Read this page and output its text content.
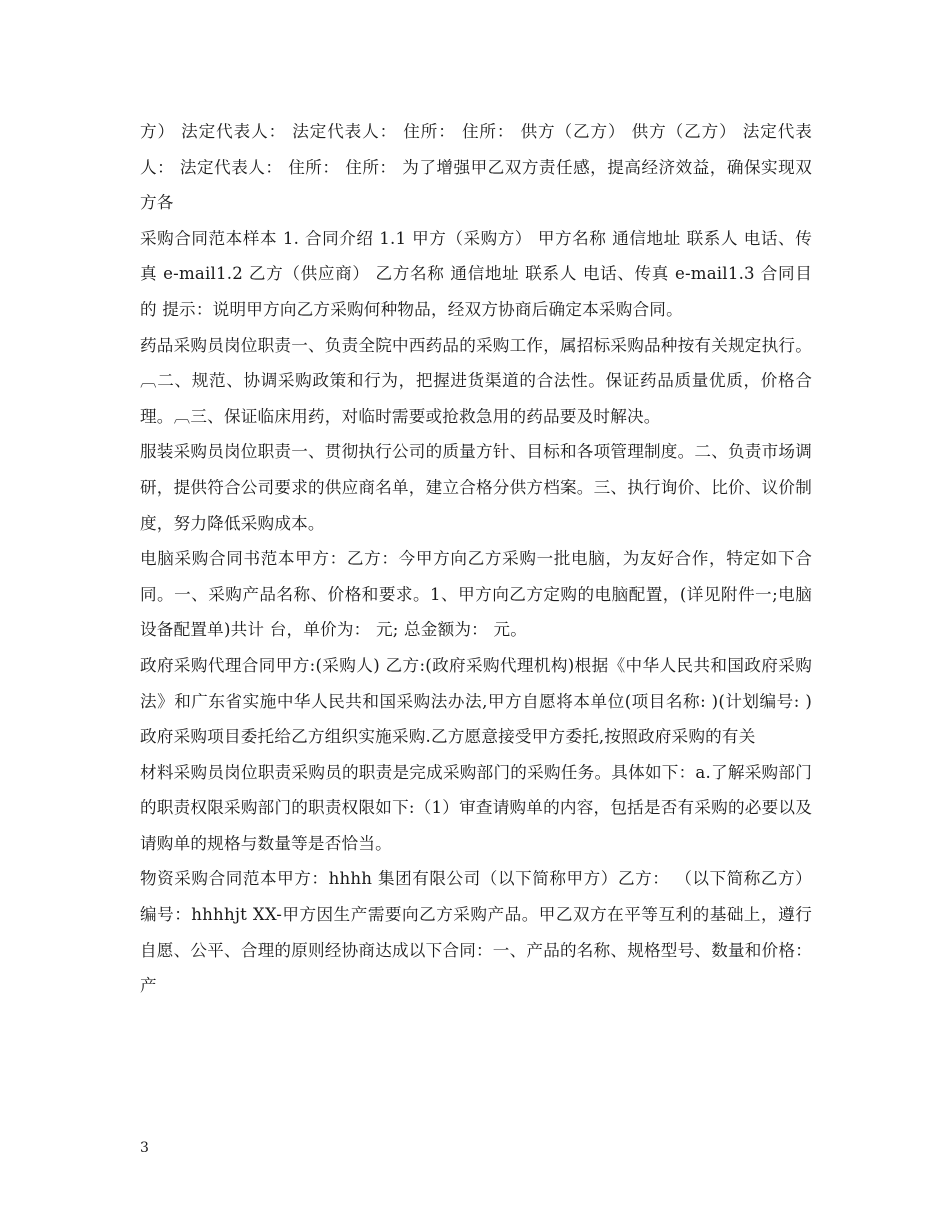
方） 法定代表人： 法定代表人： 住所： 住所： 供方（乙方） 供方（乙方） 法定代表人： 法定代表人： 住所： 住所： 为了增强甲乙双方责任感，提高经济效益，确保实现双方各

采购合同范本样本 1. 合同介绍 1.1 甲方（采购方） 甲方名称 通信地址 联系人 电话、传真 e-mail1.2 乙方（供应商） 乙方名称 通信地址 联系人 电话、传真 e-mail1.3 合同目的 提示：说明甲方向乙方采购何种物品，经双方协商后确定本采购合同。

药品采购员岗位职责一、负责全院中西药品的采购工作，属招标采购品种按有关规定执行。︹二、规范、协调采购政策和行为，把握进货渠道的合法性。保证药品质量优质，价格合理。︹三、保证临床用药，对临时需要或抢救急用的药品要及时解决。

服装采购员岗位职责一、贯彻执行公司的质量方针、目标和各项管理制度。二、负责市场调研，提供符合公司要求的供应商名单，建立合格分供方档案。三、执行询价、比价、议价制度，努力降低采购成本。

电脑采购合同书范本甲方：乙方：今甲方向乙方采购一批电脑，为友好合作，特定如下合同。一、采购产品名称、价格和要求。1、甲方向乙方定购的电脑配置，(详见附件一;电脑设备配置单)共计 台，单价为： 元; 总金额为： 元。

政府采购代理合同甲方:(采购人) 乙方:(政府采购代理机构)根据《中华人民共和国政府采购法》和广东省实施中华人民共和国采购法办法,甲方自愿将本单位(项目名称: )(计划编号: )政府采购项目委托给乙方组织实施采购.乙方愿意接受甲方委托,按照政府采购的有关

材料采购员岗位职责采购员的职责是完成采购部门的采购任务。具体如下：a.了解采购部门的职责权限采购部门的职责权限如下:（1）审查请购单的内容，包括是否有采购的必要以及请购单的规格与数量等是否恰当。

物资采购合同范本甲方：hhhh 集团有限公司（以下简称甲方）乙方： （以下简称乙方）编号：hhhhjt XX-甲方因生产需要向乙方采购产品。甲乙双方在平等互利的基础上，遵行自愿、公平、合理的原则经协商达成以下合同：一、产品的名称、规格型号、数量和价格：产

3
